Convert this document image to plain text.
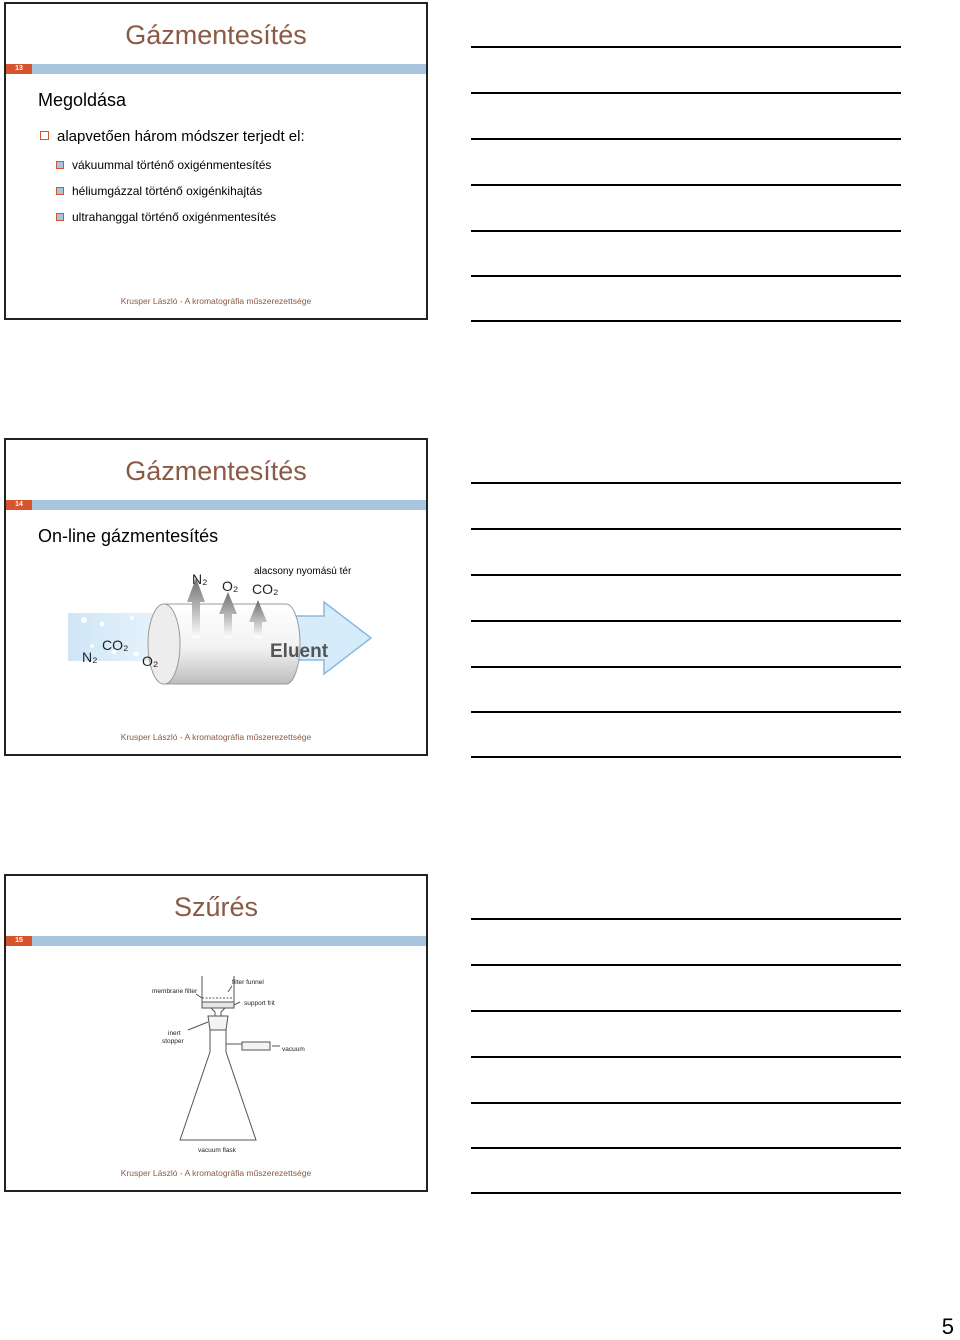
Gázmentesítés
13
Megoldása
alapvetően három módszer terjedt el:
vákuummal történő oxigénmentesítés
héliumgázzal történő oxigénkihajtás
ultrahanggal történő oxigénmentesítés
Krusper László - A kromatográfia műszerezettsége
Gázmentesítés
14
On-line gázmentesítés
alacsony nyomású tér
N₂ O₂ CO₂
CO₂
N₂	O₂	Eluent
Krusper László - A kromatográfia műszerezettsége
Szűrés
15
membrane filter
filter funnel
support frit
inert stopper
vacuum
vacuum flask
Krusper László - A kromatográfia műszerezettsége
5
